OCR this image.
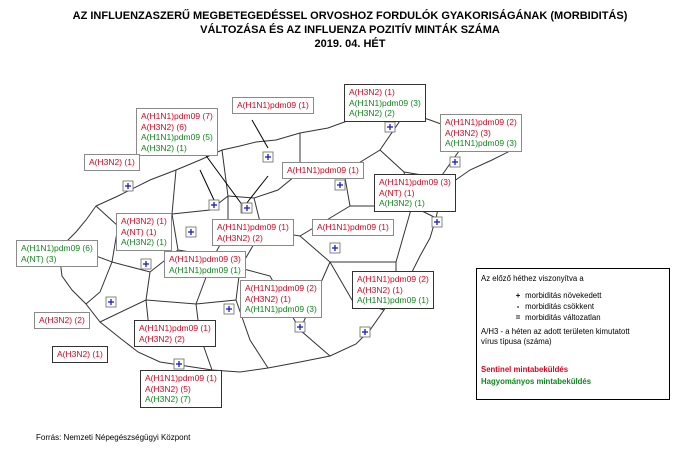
AZ INFLUENZASZERŰ MEGBETEGEDÉSSEL ORVOSHOZ FORDULÓK GYAKORISÁGÁNAK (MORBIDITÁS)
VÁLTOZÁSA ÉS AZ INFLUENZA POZITÍV MINTÁK SZÁMA
2019. 04. HÉT
A(H1N1)pdm09 (7)
A(H3N2) (6)
A(H1N1)pdm09 (5)
A(H3N2) (1)
A(H1N1)pdm09 (1)
A(H3N2) (1)
A(H1N1)pdm09 (3)
A(H3N2) (2)
A(H1N1)pdm09 (2)
A(H3N2) (3)
A(H1N1)pdm09 (3)
A(H3N2) (1)
A(H1N1)pdm09 (1)
A(H1N1)pdm09 (3)
A(NT) (1)
A(H3N2) (1)
A(H3N2) (1)
A(NT) (1)
A(H3N2) (1)
A(H1N1)pdm09 (6)
A(NT) (3)
A(H1N1)pdm09 (1)
A(H3N2) (2)
A(H1N1)pdm09 (1)
A(H1N1)pdm09 (3)
A(H1N1)pdm09 (1)
A(H1N1)pdm09 (2)
A(H3N2) (1)
A(H1N1)pdm09 (1)
A(H1N1)pdm09 (2)
A(H3N2) (1)
A(H1N1)pdm09 (3)
A(H3N2) (2)
A(H1N1)pdm09 (1)
A(H3N2) (2)
A(H3N2) (1)
A(H1N1)pdm09 (1)
A(H3N2) (5)
A(H3N2) (7)
Az előző héthez viszonyítva a
+ morbiditás növekedett
- morbiditás csökkent
= morbiditás változatlan
A/H3 - a héten az adott területen kimutatott
vírus típusa (száma)
Sentinel mintabeküldés
Hagyományos mintabeküldés
Forrás: Nemzeti Népegészségügyi Központ
